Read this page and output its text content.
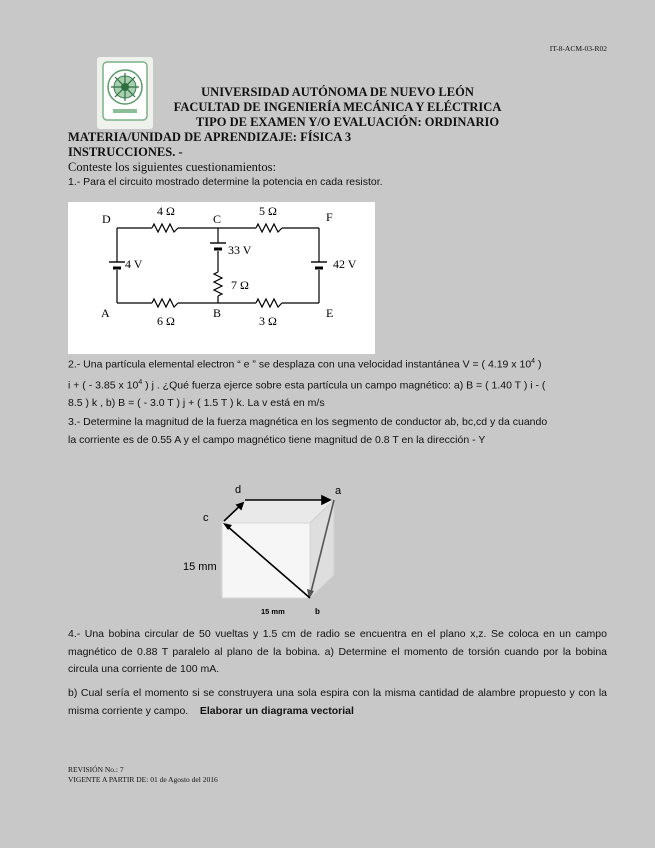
IT-8-ACM-03-R02
UNIVERSIDAD AUTÓNOMA DE NUEVO LEÓN
FACULTAD DE INGENIERÍA MECÁNICA Y ELÉCTRICA
TIPO DE EXAMEN Y/O EVALUACIÓN: ORDINARIO
MATERIA/UNIDAD DE APRENDIZAJE: FÍSICA 3
INSTRUCCIONES. -
Conteste los siguientes cuestionamientos:
1.- Para el circuito mostrado determine la potencia en cada resistor.
D	C	F
A	B	E
4 Ω	5 Ω
6 Ω	3 Ω
7 Ω
4 V
33 V
42 V
2.- Una partícula elemental electron “ e ” se desplaza con una velocidad instantánea V = ( 4.19 x $10^4$ )
i + ( - 3.85 x $10^4$ ) j . ¿Qué fuerza ejerce sobre esta partícula un campo magnético: a) B = ( 1.40 T ) i - (
8.5 ) k , b) B = ( - 3.0 T ) j + ( 1.5 T ) k. La v está en m/s
3.- Determine la magnitud de la fuerza magnética en los segmento de conductor ab, bc,cd y da cuando
la corriente es de 0.55 A y el campo magnético tiene magnitud de 0.8 T en la dirección - Y
d	a
c
b
15 mm
15 mm
4.- Una bobina circular de 50 vueltas y 1.5 cm de radio se encuentra en el plano x,z. Se coloca en un campo magnético de 0.88 T paralelo al plano de la bobina. a) Determine el momento de torsión cuando por la bobina circula una corriente de 100 mA.
b) Cual sería el momento si se construyera una sola espira con la misma cantidad de alambre propuesto y con la misma corriente y campo. Elaborar un diagrama vectorial
REVISIÓN No.: 7
VIGENTE A PARTIR DE: 01 de Agosto del 2016
